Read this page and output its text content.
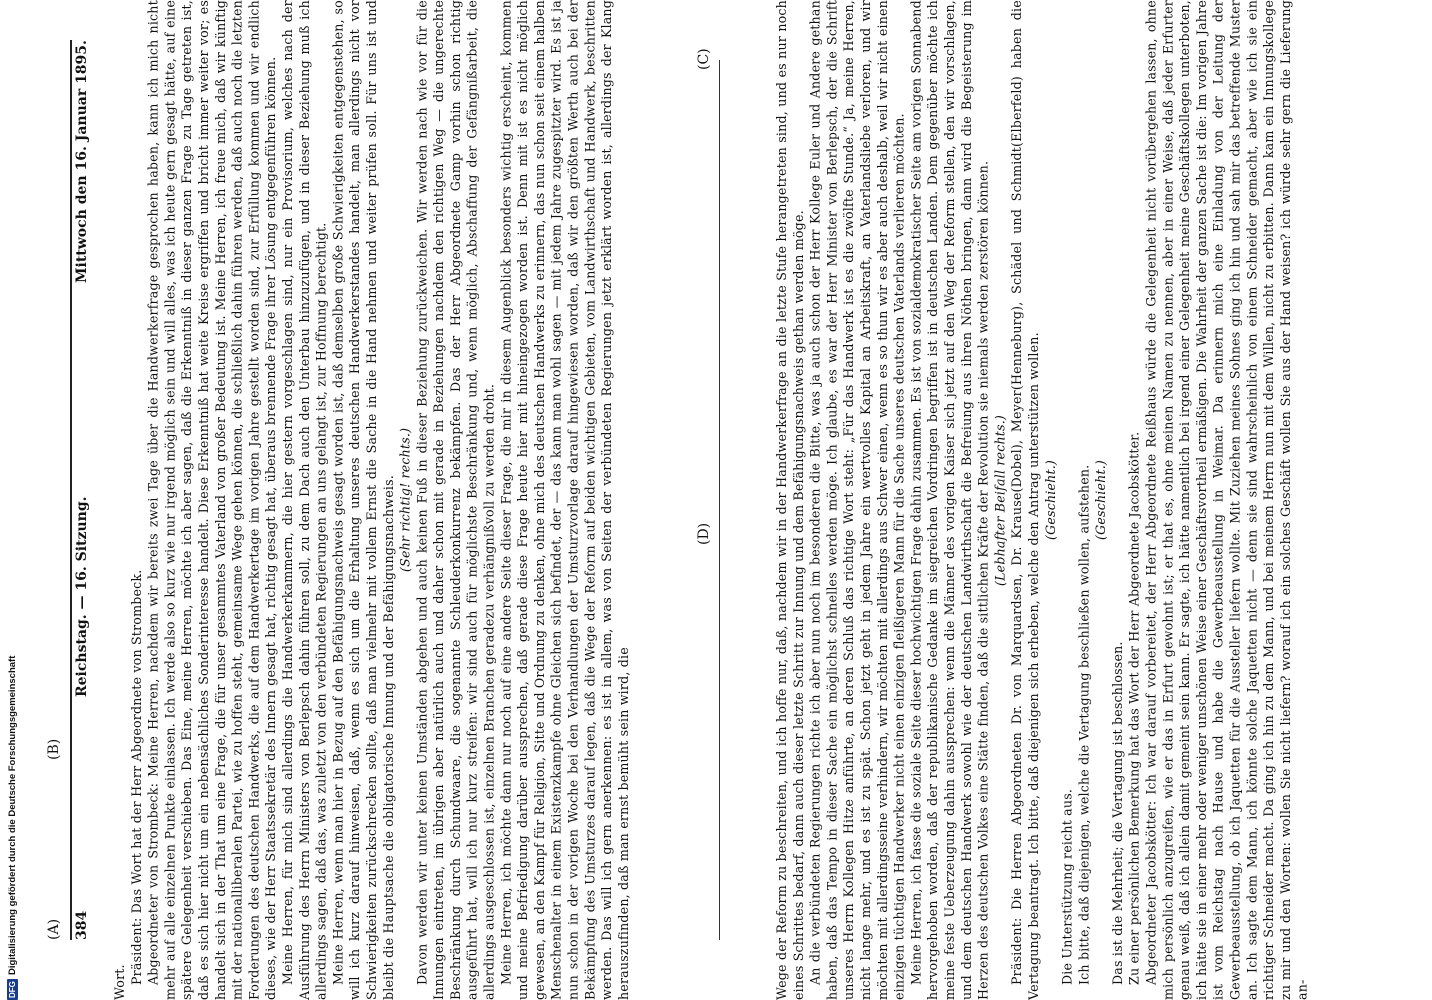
384
Reichstag. — 16. Sitzung.
Mittwoch den 16. Januar 1895.
(A)
(B)
(C)
(D)

Wort. Präsident: Das Wort hat der Herr Abgeordnete von Strombeck. Abgeordneter von Strombeck: Meine Herren, nachdem wir bereits zwei Tage über die Handwerkerfrage gesprochen haben, kann ich mich nicht mehr auf alle einzelnen Punkte einlassen. Ich werde also so kurz wie nur irgend möglich sein und will alles, was ich heute gern gesagt hätte, auf eine spätere Gelegenheit verschieben. Das Eine, meine Herren, möchte ich aber sagen, daß die Erkenntniß in dieser ganzen Frage zu Tage getreten ist, daß es sich hier nicht um ein nebensächliches Sonderinteresse handelt. Diese Erkenntniß hat weite Kreise ergriffen und bricht immer weiter vor; es handelt sich in der That um eine Frage, die für unser gesammtes Vaterland von großer Bedeutung ist. Meine Herren, ich freue mich, daß wir künftig mit der nationalliberalen Partei, wie zu hoffen steht, gemeinsame Wege gehen können, die schließlich dahin führen werden, daß auch noch die letzten Forderungen des deutschen Handwerks, die auf dem Handwerkertage im vorigen Jahre gestellt worden sind, zur Erfüllung kommen und wir endlich dieses, wie der Herr Staatssekretär des Innern gesagt hat, richtig gesagt hat, überaus brennende Frage ihrer Lösung entgegenführen können. Meine Herren, für mich sind allerdings die Handwerkerkammern, die hier gestern vorgeschlagen sind, nur ein Provisorium, welches nach der Ausführung des Herrn Ministers von Berlepsch dahin führen soll, zu dem Dach auch den Unterbau hinzuzufügen, und in dieser Beziehung muß ich allerdings sagen, daß das, was zuletzt von den verbündeten Regierungen an uns gelangt ist, zur Hoffnung berechtigt. Meine Herren, wenn man hier in Bezug auf den Befähigungsnachweis gesagt worden ist, daß demselben große Schwierigkeiten entgegenstehen, so will ich kurz darauf hinweisen, daß, wenn es sich um die Erhaltung unseres deutschen Handwerkerstandes handelt, man allerdings nicht vor Schwierigkeiten zurückschrecken sollte, daß man vielmehr mit vollem Ernst die Sache in die Hand nehmen und weiter prüfen soll. Für uns ist und bleibt die Hauptsache die obligatorische Innung und der Befähigungsnachweis. (Sehr richtig! rechts.) Davon werden wir unter keinen Umständen abgehen und auch keinen Fuß in dieser Beziehung zurückweichen. Wir werden nach wie vor für die Innungen eintreten, im übrigen aber natürlich auch und daher schon mit gerade in Beziehungen nachdem den richtigen Weg — die ungerechte Beschränkung durch Schundwaare, die sogenannte Schleuderkonkurrenz bekämpfen. Das der Herr Abgeordnete Gamp vorhin schon richtig ausgeführt hat, will ich nur kurz streifen: wir sind auch für möglichste Beschränkung und, wenn möglich, Abschaffung der Gefängnißarbeit, die allerdings ausgeschlossen ist, einzelnen Branchen geradezu verhängnißvoll zu werden droht. Meine Herren, ich möchte dann nur noch auf eine andere Seite dieser Frage, die mir in diesem Augenblick besonders wichtig erscheint, kommen und meine Befriedigung darüber aussprechen, daß gerade diese Frage heute hier mit hineingezogen worden ist. Denn mit ist es nicht möglich gewesen, an den Kampf für Religion, Sitte und Ordnung zu denken, ohne mich des deutschen Handwerks zu erinnern, das nun schon seit einem halben Menschenalter in einem Existenzkampfe ohne Gleichen sich befindet, der — das kann man wohl sagen — mit jedem Jahre zugespitzter wird. Es ist ja nun schon in der vorigen Woche bei den Verhandlungen der Umsturzvorlage darauf hingewiesen worden, daß wir den größten Werth auch bei der Bekämpfung des Umsturzes darauf legen, daß die Wege der Reform auf beiden wichtigen Gebieten, vom Landwirthschaft und Handwerk, beschritten werden. Das will ich gern anerkennen: es ist in allem, was von Seiten der verbündeten Regierungen jetzt erklärt worden ist, allerdings der Klang herauszufinden, daß man ernst bemüht sein wird, die	Wege der Reform zu beschreiten, und ich hoffe nur, daß, nachdem wir in der Handwerkerfrage an die letzte Stufe herangetreten sind, und es nur noch eines Schrittes bedarf, dann auch dieser letzte Schritt zur Innung und dem Befähigungsnachweis gethan werden möge. An die verbündeten Regierungen richte ich aber nun noch im besonderen die Bitte, was ja auch schon der Herr Kollege Euler und Andere gethan haben, daß das Tempo in dieser Sache ein möglichst schnelles werden möge. Ich glaube, es war der Herr Minister von Berlepsch, der die Schrift unseres Herrn Kollegen Hitze anführte, an deren Schluß das richtige Wort steht: „Für das Handwerk ist es die zwölfte Stunde.“ Ja, meine Herren, nicht lange mehr, und es ist zu spät. Schon jetzt geht in jedem Jahre ein wertvolles Kapital an Arbeitskraft, an Vaterlandsliebe verloren, und wir möchten mit allerdingsseine verhindern, wir möchten mit allerdings aus Schwer einen, wenn es so thun wir es aber auch deshalb, weil wir nicht einen einzigen tüchtigen Handwerker nicht einen einzigen fleißigeren Mann für die Sache unseres deutschen Vaterlands verlieren möchten. Meine Herren, ich fasse die soziale Seite dieser hochwichtigen Frage dahin zusammen. Es ist von sozialdemokratischer Seite am vorigen Sonnabend hervorgehoben worden, daß der republikanische Gedanke im siegreichen Vordringen begriffen ist in deutschen Landen. Dem gegenüber möchte ich meine feste Ueberzeugung dahin aussprechen: wenn die Männer des vorigen Kaiser sich jetzt auf den Weg der Reform stellen, den wir vorschlagen, und dem deutschen Handwerk sowohl wie der deutschen Landwirthschaft die Befreiung aus ihren Nöthen bringen, dann wird die Begeisterung im Herzen des deutschen Volkes eine Stätte finden, daß die sittlichen Kräfte der Revolution sie niemals werden zerstören können. (Lebhafter Beifall rechts.) Präsident: Die Herren Abgeordneten Dr. von Marquardsen, Dr. Krause(Dobel), Meyer(Henneburg), Schädel und Schmidt(Elberfeld) haben die Vertagung beantragt. Ich bitte, daß diejenigen sich erheben, welche den Antrag unterstützen wollen. (Geschieht.)

Die Unterstützung reicht aus. Ich bitte, daß diejenigen, welche die Vertagung beschließen wollen, aufstehen. (Geschieht.)

Das ist die Mehrheit; die Vertagung ist beschlossen. Zu einer persönlichen Bemerkung hat das Wort der Herr Abgeordnete Jacobskötter. Abgeordneter Jacobskötter: Ich war darauf vorbereitet, der Herr Abgeordnete Reißhaus würde die Gelegenheit nicht vorübergehen lassen, ohne mich persönlich anzugreifen, wie er das in Erfurt gewohnt ist; er that es, ohne meinen Namen zu nennen, aber in einer Weise, daß jeder Erfurter genau weiß, daß ich allein damit gemeint sein kann. Er sagte, ich hätte namentlich bei irgend einer Gelegenheit meine Geschäftskollegen unterboten, ich hätte sie in einer mehr oder weniger unschönen Weise einer Geschäftsvortheil ermäßigen. Die Wahrheit der ganzen Sache ist die: Im vorigen Jahre ist vom Reichstag nach Hause und habe die Gewerbeausstellung in Weimar. Da erinnern mich eine Einladung von der Leitung der Gewerbeausstellung, ob ich Jaquetten für die Aussteller liefern wollte. Mit Zuziehen meines Sohnes ging ich hin und sah mir das betreffende Muster an. Ich sagte dem Mann, ich könnte solche Jaquetten nicht — denn sie sind wahrscheinlich von einem Schneider gemacht, aber wie ich sie ein richtiger Schneider macht. Da ging ich hin zu dem Mann, und bei meinem Herrn nun mit dem Willen, nicht zu erbitten. Dann kam ein Innungskollege zu mir und den Worten: wollen Sie nicht liefern? worauf ich ein solches Geschäft wollen Sie aus der Hand weisen? ich würde sehr gern die Lieferung an-

DFG
Digitalisierung gefördert durch die Deutsche Forschungsgemeinschaft
